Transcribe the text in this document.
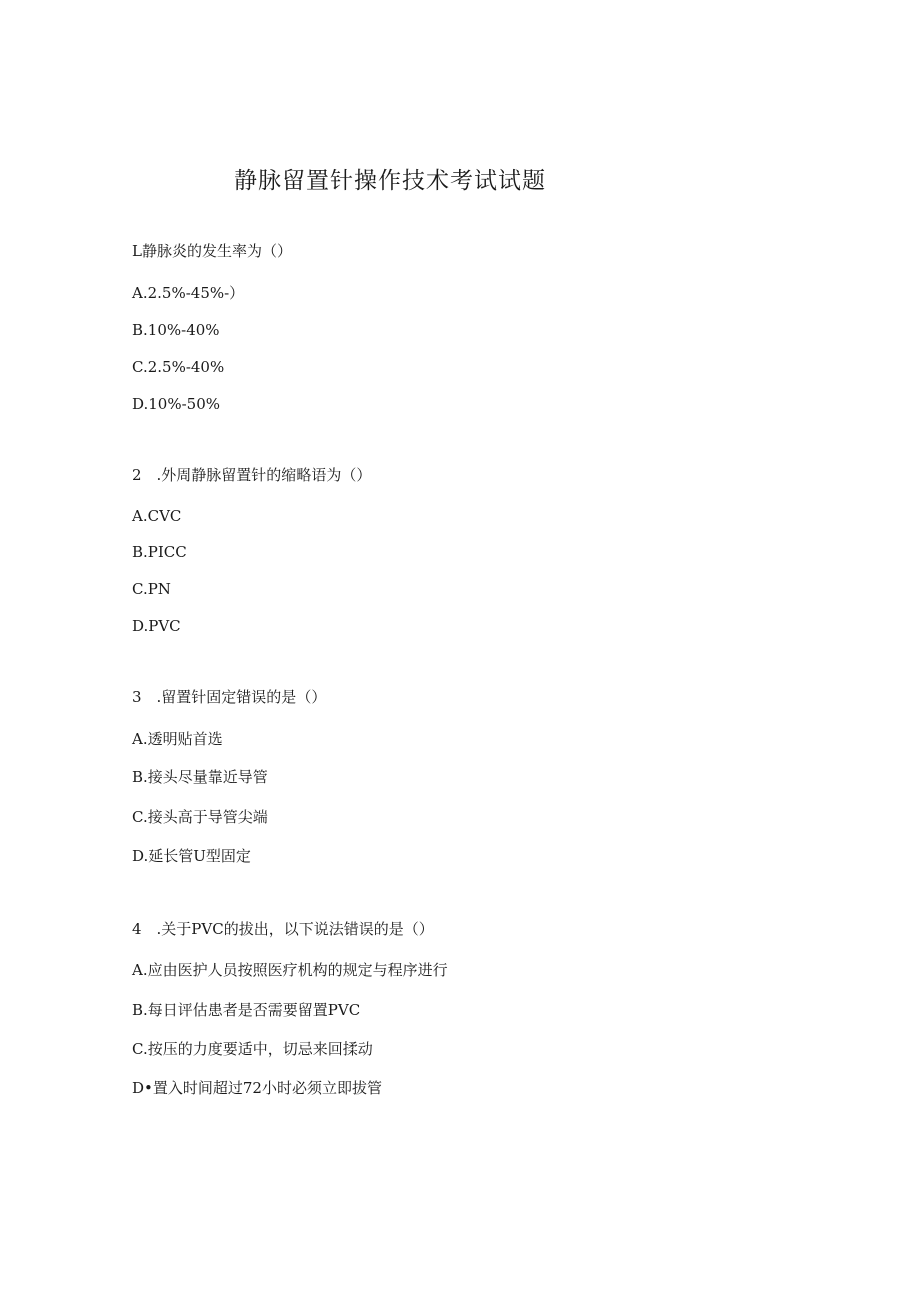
静脉留置针操作技术考试试题
L静脉炎的发生率为（）
A.2.5%-45%-）
B.10%-40%
C.2.5%-40%
D.10%-50%
2　.外周静脉留置针的缩略语为（）
A.CVC
B.PICC
C.PN
D.PVC
3　.留置针固定错误的是（）
A.透明贴首选
B.接头尽量靠近导管
C.接头高于导管尖端
D.延长管U型固定
4　.关于PVC的拔出，以下说法错误的是（）
A.应由医护人员按照医疗机构的规定与程序进行
B.每日评估患者是否需要留置PVC
C.按压的力度要适中，切忌来回揉动
D•置入时间超过72小时必须立即拔管
